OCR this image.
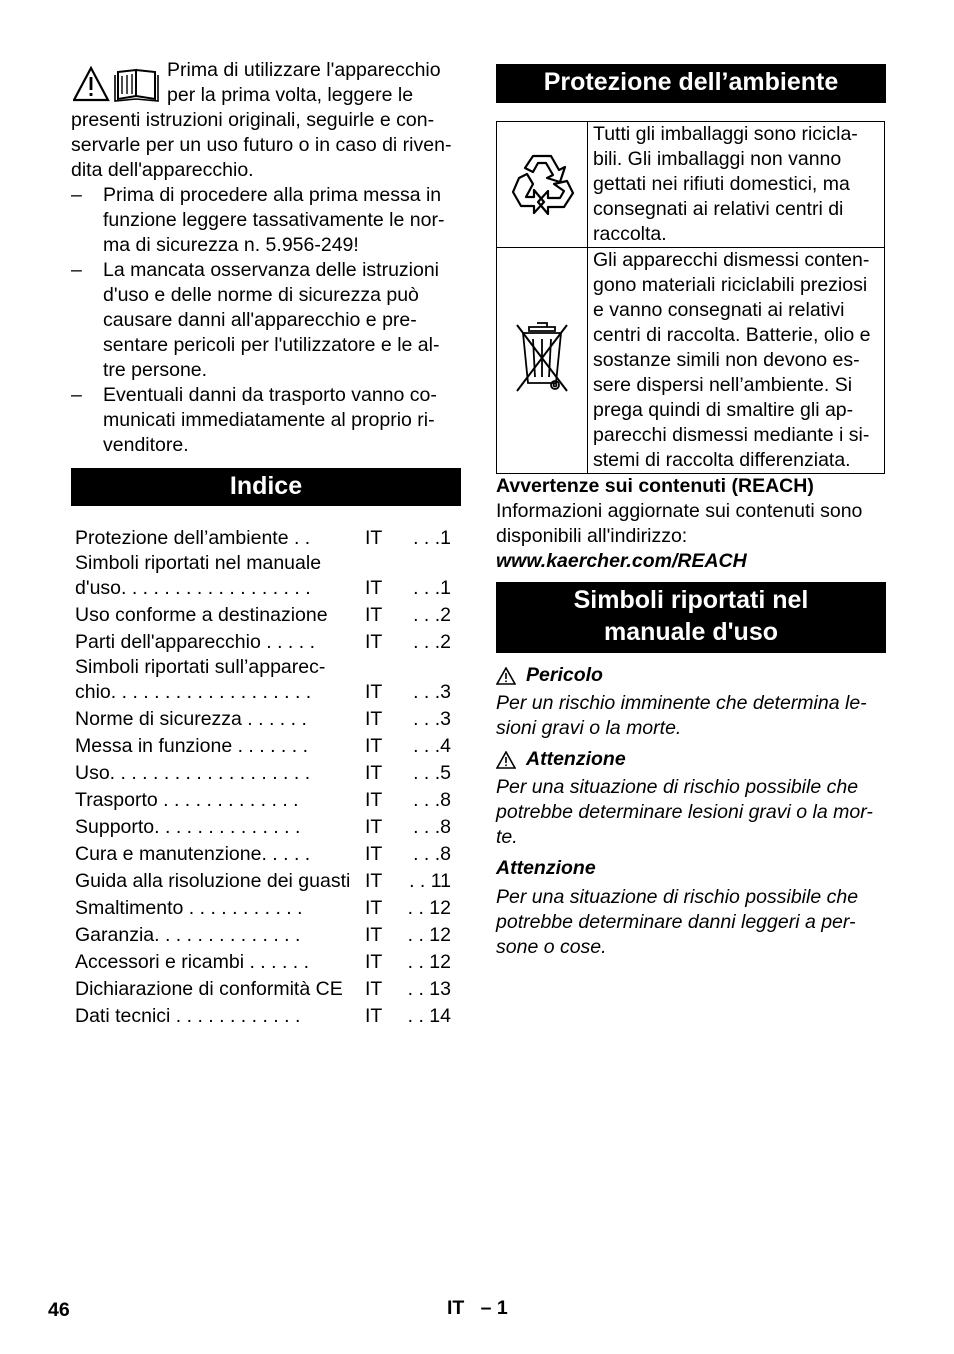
Prima di utilizzare l'apparecchio
per la prima volta, leggere le
presenti istruzioni originali, seguirle e con-servarle per un uso futuro o in caso di riven-dita dell'apparecchio.

– Prima di procedere alla prima messa in funzione leggere tassativamente le nor-ma di sicurezza n. 5.956-249!
– La mancata osservanza delle istruzioni d'uso e delle norme di sicurezza può causare danni all'apparecchio e pre-sentare pericoli per l'utilizzatore e le al-tre persone.
– Eventuali danni da trasporto vanno co-municati immediatamente al proprio ri-venditore.
Indice
Protezione dell’ambiente . .	IT	. . .1
Simboli riportati nel manuale d'uso. . . . . . . . . . . . . . . . . .	IT	. . .1
Uso conforme a destinazione	IT	. . .2
Parti dell'apparecchio . . . . .	IT	. . .2
Simboli riportati sull’apparec-chio. . . . . . . . . . . . . . . . . . .	IT	. . .3
Norme di sicurezza . . . . . .	IT	. . .3
Messa in funzione . . . . . . .	IT	. . .4
Uso. . . . . . . . . . . . . . . . . . .	IT	. . .5
Trasporto . . . . . . . . . . . . .	IT	. . .8
Supporto. . . . . . . . . . . . . .	IT	. . .8
Cura e manutenzione. . . . .	IT	. . .8
Guida alla risoluzione dei guasti IT	. . 11
Smaltimento . . . . . . . . . . .	IT	. . 12
Garanzia. . . . . . . . . . . . . .	IT	. . 12
Accessori e ricambi . . . . . .	IT	. . 12
Dichiarazione di conformità CE	IT	. . 13
Dati tecnici . . . . . . . . . . . .	IT	. . 14
Protezione dell’ambiente
	Tutti gli imballaggi sono ricicla-bili. Gli imballaggi non vanno gettati nei rifiuti domestici, ma consegnati ai relativi centri di raccolta.
	Gli apparecchi dismessi conten-gono materiali riciclabili preziosi e vanno consegnati ai relativi centri di raccolta. Batterie, olio e sostanze simili non devono es-sere dispersi nell’ambiente. Si prega quindi di smaltire gli ap-parecchi dismessi mediante i si-stemi di raccolta differenziata.
Avvertenze sui contenuti (REACH)
Informazioni aggiornate sui contenuti sono disponibili all'indirizzo:
www.kaercher.com/REACH
Simboli riportati nel
manuale d'uso
Pericolo
Per un rischio imminente che determina le-sioni gravi o la morte.
Attenzione
Per una situazione di rischio possibile che potrebbe determinare lesioni gravi o la mor-te.
Attenzione
Per una situazione di rischio possibile che potrebbe determinare danni leggeri a per-sone o cose.
46	IT   – 1
